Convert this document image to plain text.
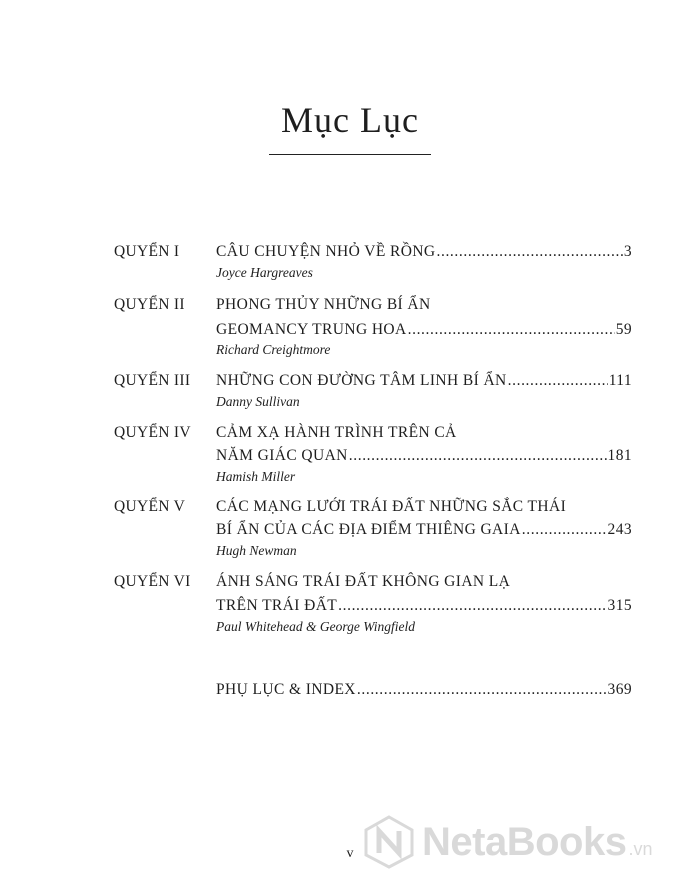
Mục Lục
QUYỂN I CÂU CHUYỆN NHỎ VỀ RỒNG .....	3
Joyce Hargreaves
QUYỂN II PHONG THỦY NHỮNG BÍ ẨN
GEOMANCY TRUNG HOA .....	59
Richard Creightmore
QUYỂN III NHỮNG CON ĐƯỜNG TÂM LINH BÍ ẨN .....	111
Danny Sullivan
QUYỂN IV CẢM XẠ HÀNH TRÌNH TRÊN CẢ
NĂM GIÁC QUAN .....	181
Hamish Miller
QUYỂN V CÁC MẠNG LƯỚI TRÁI ĐẤT NHỮNG SẮC THÁI
BÍ ẨN CỦA CÁC ĐỊA ĐIỂM THIÊNG GAIA .....	243
Hugh Newman
QUYỂN VI ÁNH SÁNG TRÁI ĐẤT KHÔNG GIAN LẠ
TRÊN TRÁI ĐẤT .....	315
Paul Whitehead & George Wingfield
PHỤ LỤC & INDEX .....	369
v	NetaBooks .vn
